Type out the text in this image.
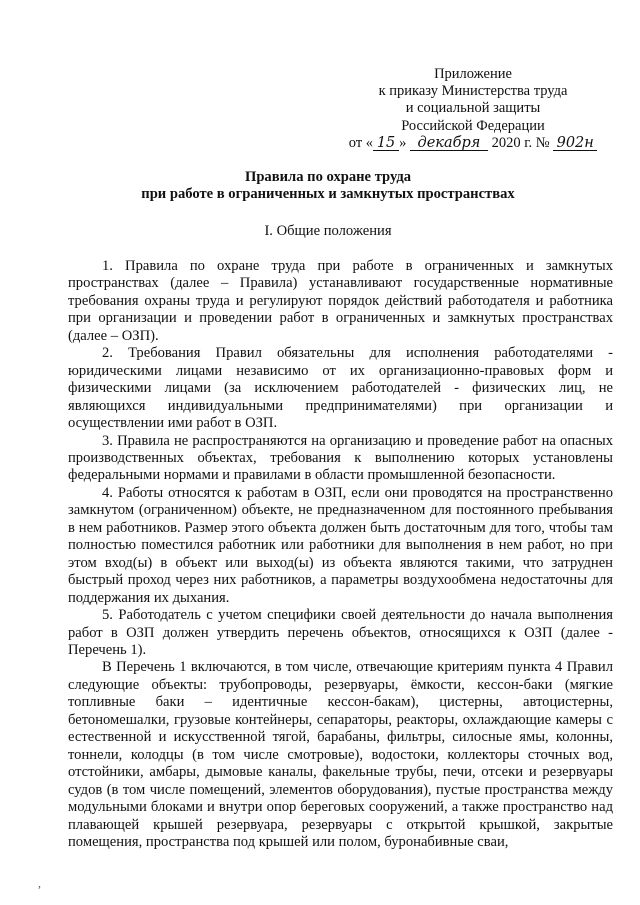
Приложение
к приказу Министерства труда
и социальной защиты
Российской Федерации
от « 15 » декабря 2020 г. № 902н
Правила по охране труда
при работе в ограниченных и замкнутых пространствах
I. Общие положения

1. Правила по охране труда при работе в ограниченных и замкнутых пространствах (далее – Правила) устанавливают государственные нормативные требования охраны труда и регулируют порядок действий работодателя и работника при организации и проведении работ в ограниченных и замкнутых пространствах (далее – ОЗП).

2. Требования Правил обязательны для исполнения работодателями - юридическими лицами независимо от их организационно-правовых форм и физическими лицами (за исключением работодателей - физических лиц, не являющихся индивидуальными предпринимателями) при организации и осуществлении ими работ в ОЗП.

3. Правила не распространяются на организацию и проведение работ на опасных производственных объектах, требования к выполнению которых установлены федеральными нормами и правилами в области промышленной безопасности.

4. Работы относятся к работам в ОЗП, если они проводятся на пространственно замкнутом (ограниченном) объекте, не предназначенном для постоянного пребывания в нем работников. Размер этого объекта должен быть достаточным для того, чтобы там полностью поместился работник или работники для выполнения в нем работ, но при этом вход(ы) в объект или выход(ы) из объекта являются такими, что затруднен быстрый проход через них работников, а параметры воздухообмена недостаточны для поддержания их дыхания.

5. Работодатель с учетом специфики своей деятельности до начала выполнения работ в ОЗП должен утвердить перечень объектов, относящихся к ОЗП (далее - Перечень 1).

В Перечень 1 включаются, в том числе, отвечающие критериям пункта 4 Правил следующие объекты: трубопроводы, резервуары, ёмкости, кессон-баки (мягкие топливные баки – идентичные кессон-бакам), цистерны, автоцистерны, бетономешалки, грузовые контейнеры, сепараторы, реакторы, охлаждающие камеры с естественной и искусственной тягой, барабаны, фильтры, силосные ямы, колонны, тоннели, колодцы (в том числе смотровые), водостоки, коллекторы сточных вод, отстойники, амбары, дымовые каналы, факельные трубы, печи, отсеки и резервуары судов (в том числе помещений, элементов оборудования), пустые пространства между модульными блоками и внутри опор береговых сооружений, а также пространство над плавающей крышей резервуара, резервуары с открытой крышкой, закрытые помещения, пространства под крышей или полом, буронабивные сваи,

,
